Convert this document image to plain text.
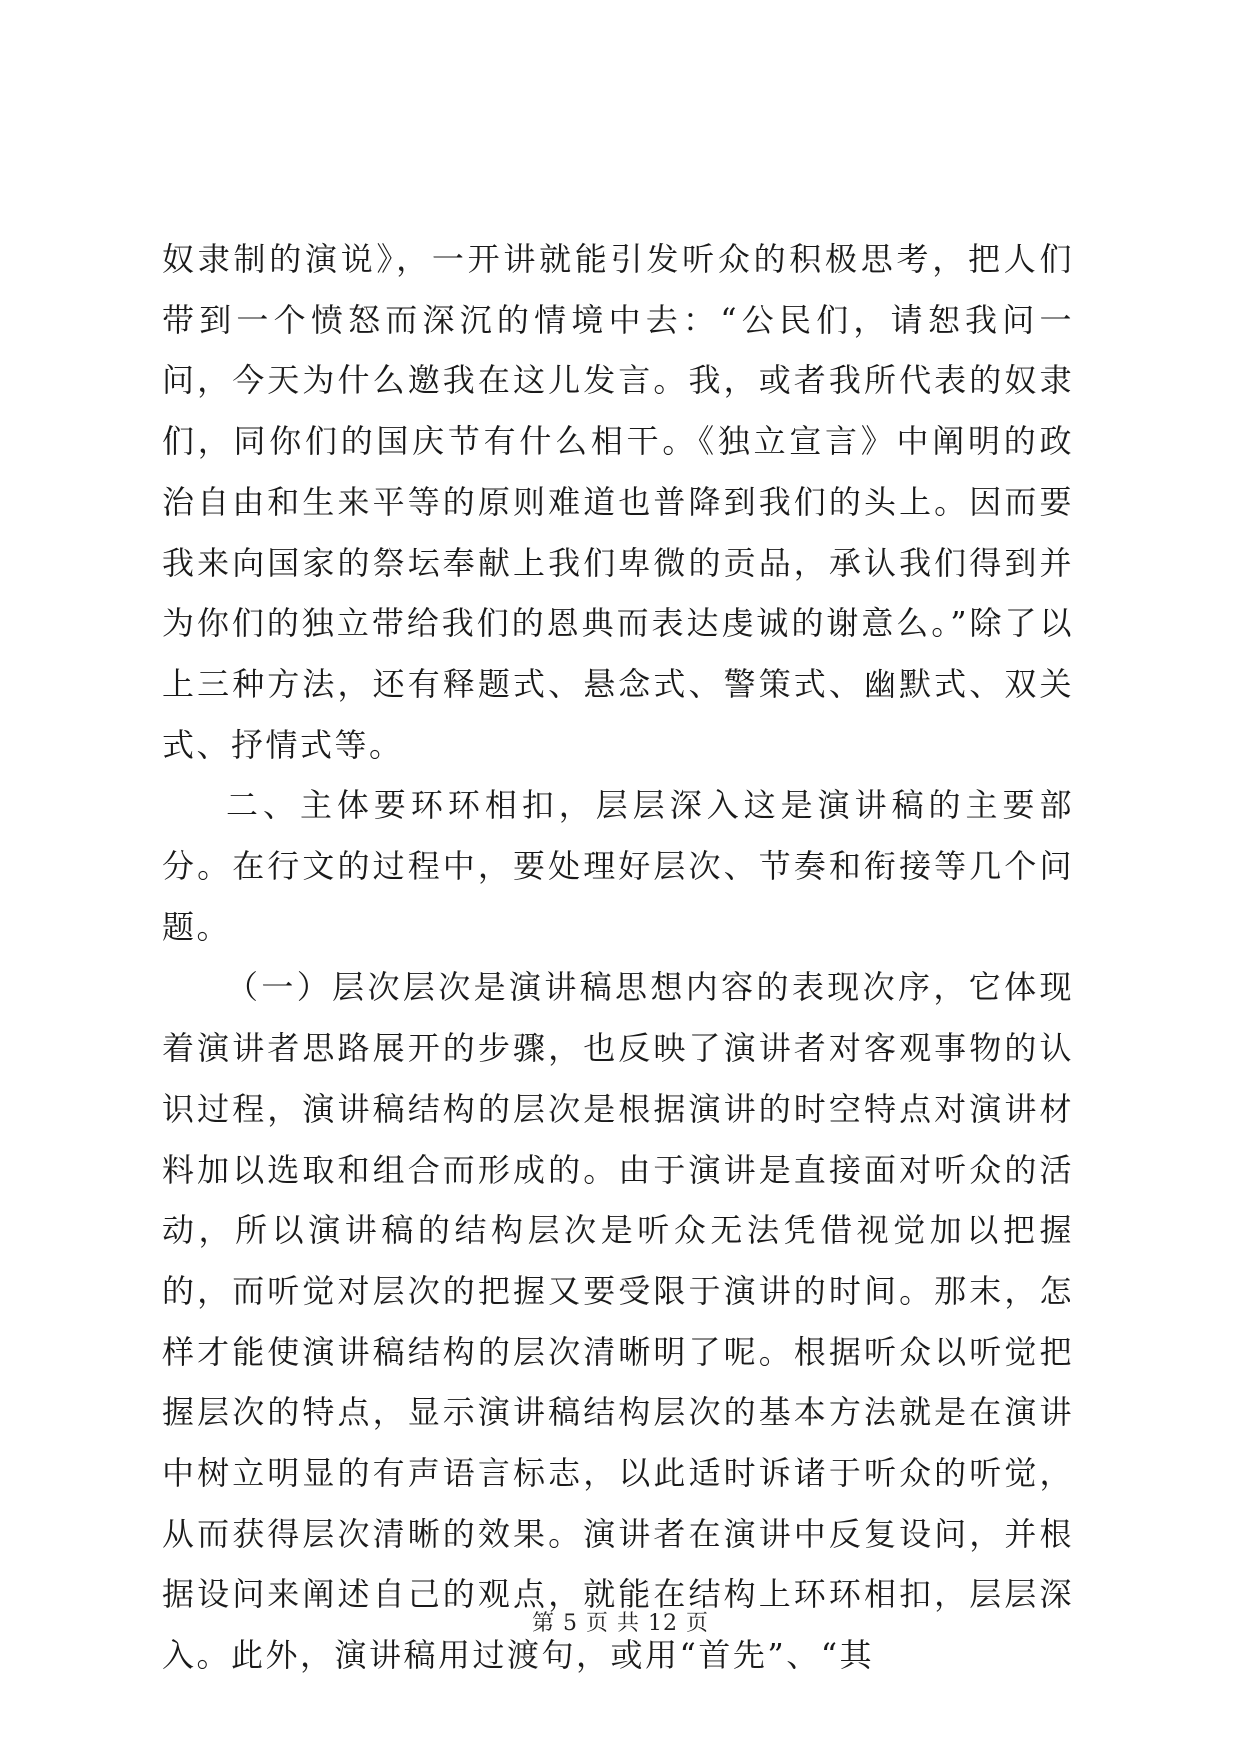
奴隶制的演说》，一开讲就能引发听众的积极思考，把人们带到一个愤怒而深沉的情境中去：“公民们，请恕我问一问，今天为什么邀我在这儿发言。我，或者我所代表的奴隶们，同你们的国庆节有什么相干。《独立宣言》中阐明的政治自由和生来平等的原则难道也普降到我们的头上。因而要我来向国家的祭坛奉献上我们卑微的贡品，承认我们得到并为你们的独立带给我们的恩典而表达虔诚的谢意么。”除了以上三种方法，还有释题式、悬念式、警策式、幽默式、双关式、抒情式等。

二、主体要环环相扣，层层深入这是演讲稿的主要部分。在行文的过程中，要处理好层次、节奏和衔接等几个问题。

（一）层次层次是演讲稿思想内容的表现次序，它体现着演讲者思路展开的步骤，也反映了演讲者对客观事物的认识过程，演讲稿结构的层次是根据演讲的时空特点对演讲材料加以选取和组合而形成的。由于演讲是直接面对听众的活动，所以演讲稿的结构层次是听众无法凭借视觉加以把握的，而听觉对层次的把握又要受限于演讲的时间。那末，怎样才能使演讲稿结构的层次清晰明了呢。根据听众以听觉把握层次的特点，显示演讲稿结构层次的基本方法就是在演讲中树立明显的有声语言标志，以此适时诉诸于听众的听觉，从而获得层次清晰的效果。演讲者在演讲中反复设问，并根据设问来阐述自己的观点，就能在结构上环环相扣，层层深入。此外，演讲稿用过渡句，或用“首先”、“其

第 5 页 共 12 页
